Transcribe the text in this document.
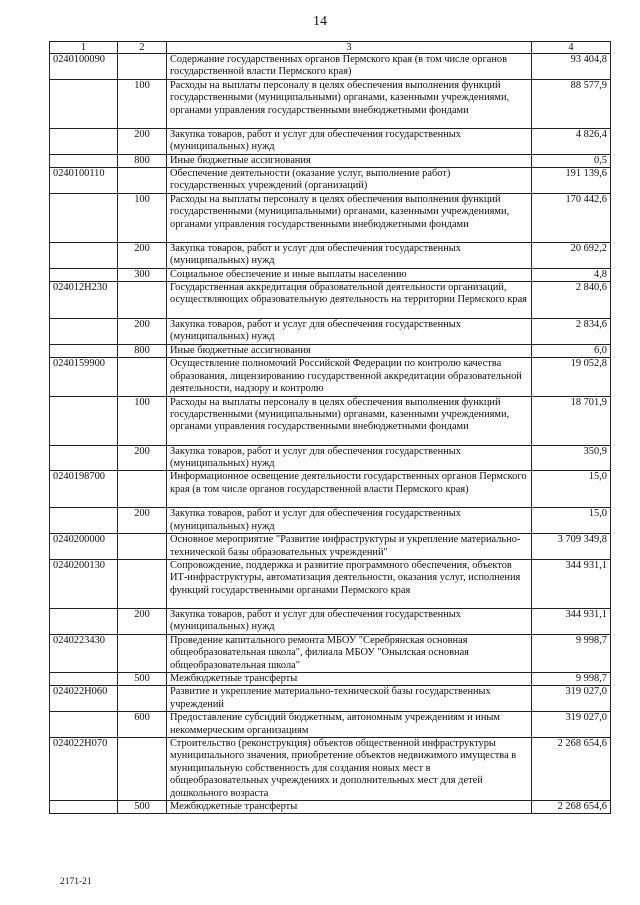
14
1	2	3	4
0240100090		Содержание государственных органов Пермского края (в том числе органов государственной власти Пермского края)	93 404,8
	100	Расходы на выплаты персоналу в целях обеспечения выполнения функций государственными (муниципальными) органами, казенными учреждениями, органами управления государственными внебюджетными фондами	88 577,9
	200	Закупка товаров, работ и услуг для обеспечения государственных (муниципальных) нужд	4 826,4
	800	Иные бюджетные ассигнования	0,5
0240100110		Обеспечение деятельности (оказание услуг, выполнение работ) государственных учреждений (организаций)	191 139,6
	100	Расходы на выплаты персоналу в целях обеспечения выполнения функций государственными (муниципальными) органами, казенными учреждениями, органами управления государственными внебюджетными фондами	170 442,6
	200	Закупка товаров, работ и услуг для обеспечения государственных (муниципальных) нужд	20 692,2
	300	Социальное обеспечение и иные выплаты населению	4,8
024012Н230		Государственная аккредитация образовательной деятельности организаций, осуществляющих образовательную деятельность на территории Пермского края	2 840,6
	200	Закупка товаров, работ и услуг для обеспечения государственных (муниципальных) нужд	2 834,6
	800	Иные бюджетные ассигнования	6,0
0240159900		Осуществление полномочий Российской Федерации по контролю качества образования, лицензированию государственной аккредитации образовательной деятельности, надзору и контролю	19 052,8
	100	Расходы на выплаты персоналу в целях обеспечения выполнения функций государственными (муниципальными) органами, казенными учреждениями, органами управления государственными внебюджетными фондами	18 701,9
	200	Закупка товаров, работ и услуг для обеспечения государственных (муниципальных) нужд	350,9
0240198700		Информационное освещение деятельности государственных органов Пермского края (в том числе органов государственной власти Пермского края)	15,0
	200	Закупка товаров, работ и услуг для обеспечения государственных (муниципальных) нужд	15,0
0240200000		Основное мероприятие "Развитие инфраструктуры и укрепление материально-технической базы образовательных учреждений"	3 709 349,8
0240200130		Сопровождение, поддержка и развитие программного обеспечения, объектов ИТ-инфраструктуры, автоматизация деятельности, оказания услуг, исполнения функций государственными органами Пермского края	344 931,1
	200	Закупка товаров, работ и услуг для обеспечения государственных (муниципальных) нужд	344 931,1
0240223430		Проведение капитального ремонта МБОУ "Серебрянская основная общеобразовательная школа", филиала МБОУ "Онылская основная общеобразовательная школа"	9 998,7
	500	Межбюджетные трансферты	9 998,7
024022Н060		Развитие и укрепление материально-технической базы государственных учреждений	319 027,0
	600	Предоставление субсидий бюджетным, автономным учреждениям и иным некоммерческим организациям	319 027,0
024022Н070		Строительство (реконструкция) объектов общественной инфраструктуры муниципального значения, приобретение объектов недвижимого имущества в муниципальную собственность для создания новых мест в общеобразовательных учреждениях и дополнительных мест для детей дошкольного возраста	2 268 654,6
	500	Межбюджетные трансферты	2 268 654,6
2171-21
